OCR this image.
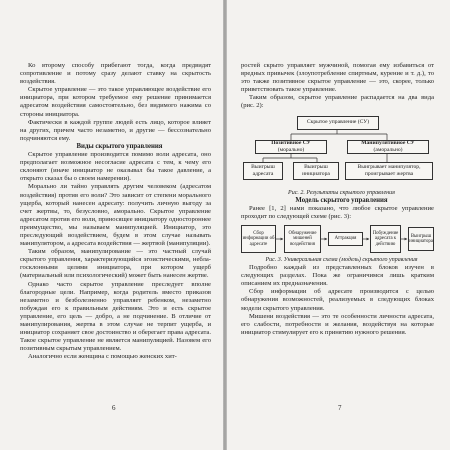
Ко второму способу прибегают тогда, когда предвидят сопротивление и потому сразу делают ставку на скрытость воздействия.

Скрытое управление — это такое управляющее воздействие его инициатора, при котором требуемое ему решение принимается адресатом воздействия самостоятельно, без видимого нажима со стороны инициатора.

Фактически в каждой группе людей есть лицо, которое влияет на других, причем часто незаметно, и другие — бессознательно подчиняются ему.

Виды скрытого управления

Скрытое управление производится помимо воли адресата, оно предполагает возможное несогласие адресата с тем, к чему его склоняют (иначе инициатор не оказывал бы такое давление, а открыто сказал бы о своем намерении).

Морально ли тайно управлять другим человеком (адресатом воздействия) против его воли? Это зависит от степени морального ущерба, который нанесен адресату: получить личную выгоду за счет жертвы, то, безусловно, аморально. Скрытое управление адресатом против его воли, приносящее инициатору одностороннее преимущество, мы называем манипуляцией. Инициатор, это преследующий воздействием, будем в этом случае называть манипулятором, а адресата воздействия — жертвой (манипуляции).

Таким образом, манипулирование — это частный случай скрытого управления, характеризующийся эгоистическими, неблагоcклонными целями инициатора, при котором ущерб (материальный или психологический) может быть нанесен жертве.

Однако часто скрытое управление преследует вполне благородные цели. Например, когда родитель вместо приказов незаметно и безболезненно управляет ребенком, незаметно побуждая его к правильным действиям. Это и есть скрытое управление, его цель — добро, а не подчинение. В отличие от манипулирования, жертва в этом случае не терпит ущерба, и инициатор сохраняет свое достоинство и оберегает права адресата. Такое скрытое управление не является манипуляцией. Назовем его позитивным скрытым управлением.

Аналогично если женщина с помощью женских хит-

6

ростей скрыто управляет мужчиной, помогая ему избавиться от вредных привычек (злоупотребление спиртным, курение и т. д.), то это также позитивное скрытое управление — это, скорее, только приветствовать такое управление.

Таким образом, скрытое управление распадается на два вида (рис. 2):

Скрытое управление (СУ)
Позитивное СУ
(морально)
Манипулятивное СУ
(аморально)
Выигрыш адресата
Выигрыш инициатора
Выигрывает манипулятор, проигрывает жертва

Рис. 2. Результаты скрытого управления

Модель скрытого управления

Ранее [1, 2] нами показано, что любое скрытое управление проходит по следующей схеме (рис. 3):

Сбор информации об адресате
Обнаружение мишеней воздействия
Аттракция
Побуждение адресата к действию
Выигрыш инициатора

Рис. 3. Универсальная схема (модель) скрытого управления

Подробно каждый из представленных блоков изучен в следующих разделах. Пока же ограничимся лишь кратким описанием их предназначения.

Сбор информации об адресате производится с целью обнаружения возможностей, реализуемых в следующих блоках модели скрытого управления.

Мишени воздействия — это те особенности личности адресата, его слабости, потребности и желания, воздействуя на которые инициатор стимулирует его к принятию нужного решения.

7
